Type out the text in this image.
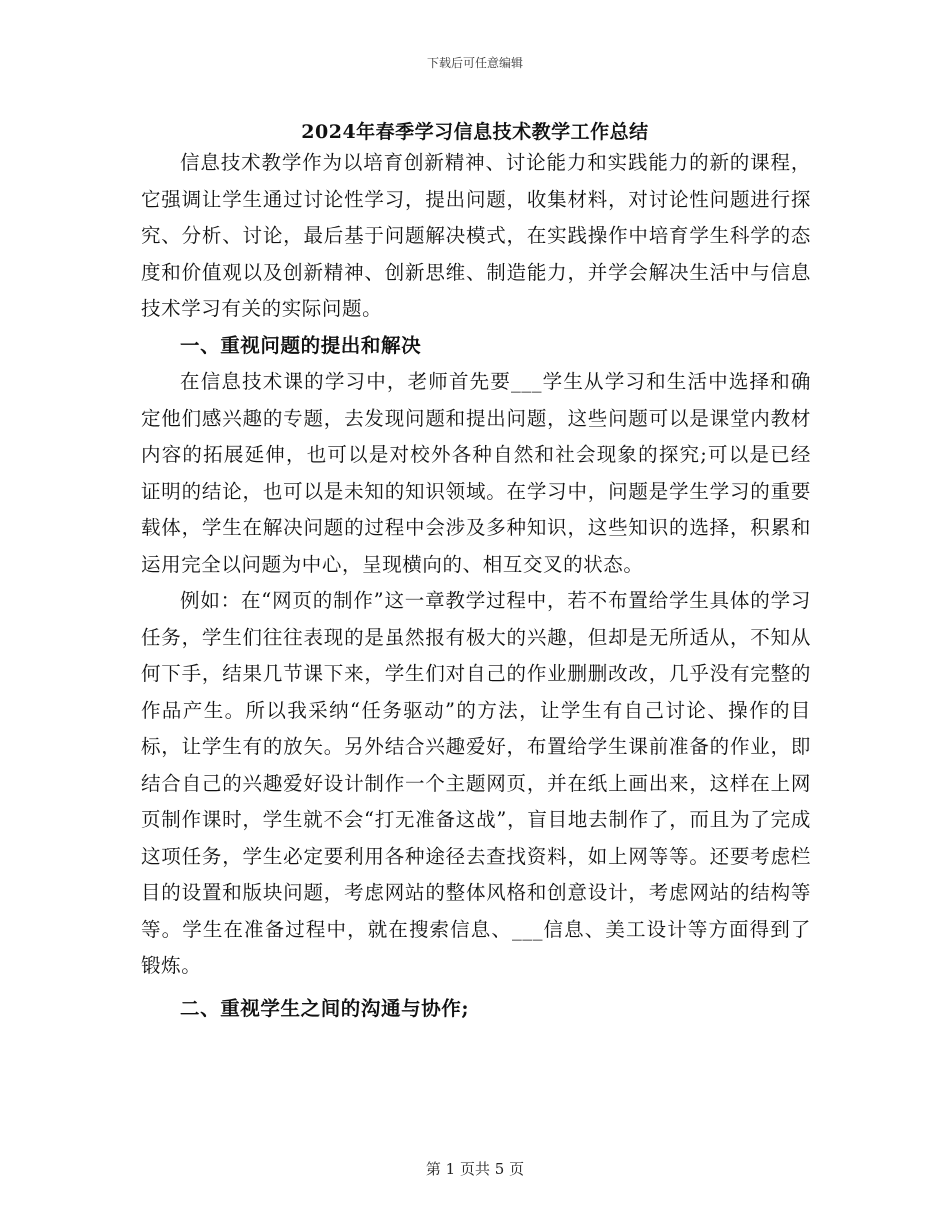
下载后可任意编辑
2024年春季学习信息技术教学工作总结

信息技术教学作为以培育创新精神、讨论能力和实践能力的新的课程，它强调让学生通过讨论性学习，提出问题，收集材料，对讨论性问题进行探究、分析、讨论，最后基于问题解决模式，在实践操作中培育学生科学的态度和价值观以及创新精神、创新思维、制造能力，并学会解决生活中与信息技术学习有关的实际问题。

一、重视问题的提出和解决

在信息技术课的学习中，老师首先要___学生从学习和生活中选择和确定他们感兴趣的专题，去发现问题和提出问题，这些问题可以是课堂内教材内容的拓展延伸，也可以是对校外各种自然和社会现象的探究;可以是已经证明的结论，也可以是未知的知识领域。在学习中，问题是学生学习的重要载体，学生在解决问题的过程中会涉及多种知识，这些知识的选择，积累和运用完全以问题为中心，呈现横向的、相互交叉的状态。

例如：在“网页的制作”这一章教学过程中，若不布置给学生具体的学习任务，学生们往往表现的是虽然报有极大的兴趣，但却是无所适从，不知从何下手，结果几节课下来，学生们对自己的作业删删改改，几乎没有完整的作品产生。所以我采纳“任务驱动”的方法，让学生有自己讨论、操作的目标，让学生有的放矢。另外结合兴趣爱好，布置给学生课前准备的作业，即结合自己的兴趣爱好设计制作一个主题网页，并在纸上画出来，这样在上网页制作课时，学生就不会“打无准备这战”，盲目地去制作了，而且为了完成这项任务，学生必定要利用各种途径去查找资料，如上网等等。还要考虑栏目的设置和版块问题，考虑网站的整体风格和创意设计，考虑网站的结构等等。学生在准备过程中，就在搜索信息、___信息、美工设计等方面得到了锻炼。

二、重视学生之间的沟通与协作;

第 1 页共 5 页
